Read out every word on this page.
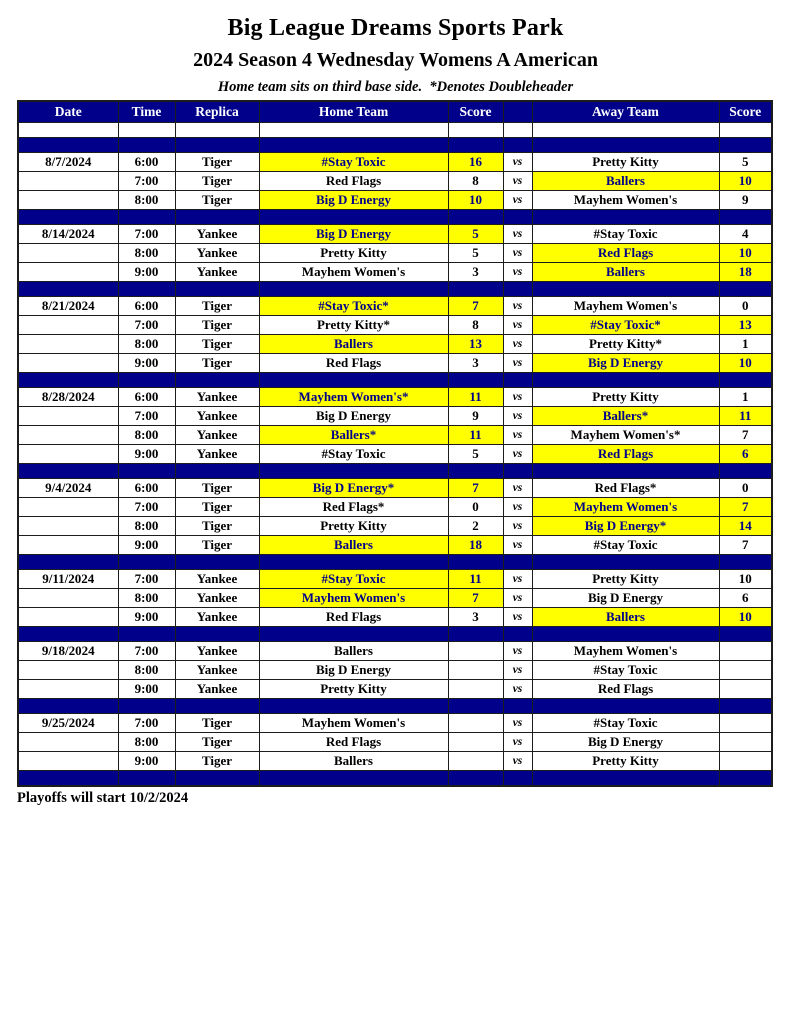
Big League Dreams Sports Park
2024 Season 4 Wednesday Womens A American
Home team sits on third base side.  *Denotes Doubleheader
Date	Time	Replica	Home Team	Score		Away Team	Score

8/7/2024	6:00	Tiger	#Stay Toxic	16	vs	Pretty Kitty	5
	7:00	Tiger	Red Flags	8	vs	Ballers	10
	8:00	Tiger	Big D Energy	10	vs	Mayhem Women's	9

8/14/2024	7:00	Yankee	Big D Energy	5	vs	#Stay Toxic	4
	8:00	Yankee	Pretty Kitty	5	vs	Red Flags	10
	9:00	Yankee	Mayhem Women's	3	vs	Ballers	18

8/21/2024	6:00	Tiger	#Stay Toxic*	7	vs	Mayhem Women's	0
	7:00	Tiger	Pretty Kitty*	8	vs	#Stay Toxic*	13
	8:00	Tiger	Ballers	13	vs	Pretty Kitty*	1
	9:00	Tiger	Red Flags	3	vs	Big D Energy	10

8/28/2024	6:00	Yankee	Mayhem Women's*	11	vs	Pretty Kitty	1
	7:00	Yankee	Big D Energy	9	vs	Ballers*	11
	8:00	Yankee	Ballers*	11	vs	Mayhem Women's*	7
	9:00	Yankee	#Stay Toxic	5	vs	Red Flags	6

9/4/2024	6:00	Tiger	Big D Energy*	7	vs	Red Flags*	0
	7:00	Tiger	Red Flags*	0	vs	Mayhem Women's	7
	8:00	Tiger	Pretty Kitty	2	vs	Big D Energy*	14
	9:00	Tiger	Ballers	18	vs	#Stay Toxic	7

9/11/2024	7:00	Yankee	#Stay Toxic	11	vs	Pretty Kitty	10
	8:00	Yankee	Mayhem Women's	7	vs	Big D Energy	6
	9:00	Yankee	Red Flags	3	vs	Ballers	10

9/18/2024	7:00	Yankee	Ballers		vs	Mayhem Women's	
	8:00	Yankee	Big D Energy		vs	#Stay Toxic	
	9:00	Yankee	Pretty Kitty		vs	Red Flags	

9/25/2024	7:00	Tiger	Mayhem Women's		vs	#Stay Toxic	
	8:00	Tiger	Red Flags		vs	Big D Energy	
	9:00	Tiger	Ballers		vs	Pretty Kitty	

Playoffs will start 10/2/2024
